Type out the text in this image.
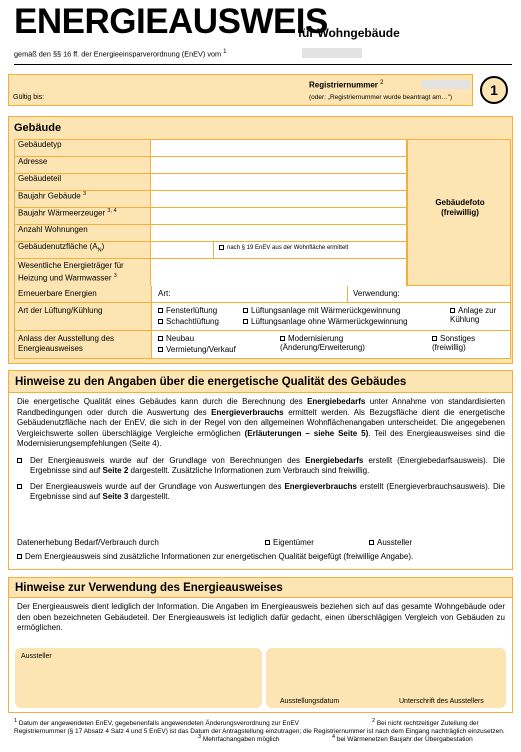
ENERGIEAUSWEIS
für Wohngebäude
gemäß den §§ 16 ff. der Energieeinsparverordnung (EnEV) vom $^1$
Gültig bis:
Registriernummer $^2$
(oder: „Registriernummer wurde beantragt am…")	1
Gebäude
Gebäudetyp	
Adresse	
Gebäudeteil	
Baujahr Gebäude $^3$	
Baujahr Wärmeerzeuger $^{3, 4}$	
Anzahl Wohnungen	
Gebäudenutzfläche $(A_N)$	nach § 19 EnEV aus der Wohnfläche ermittelt

Wesentliche Energieträger für Heizung und Warmwasser $^3$	
Gebäudefoto
(freiwillig)
Erneuerbare Energien	Art:	Verwendung:
Art der Lüftung/Kühlung	Fensterlüftung	Lüftungsanlage mit Wärmerückgewinnung	Anlage zur Kühlung
Schachtlüftung	Lüftungsanlage ohne Wärmerückgewinnung
Anlass der Ausstellung des Energieausweises
Neubau	Modernisierung (Änderung/Erweiterung)
Sonstiges (freiwillig)
Vermietung/Verkauf
Hinweise zu den Angaben über die energetische Qualität des Gebäudes

Die energetische Qualität eines Gebäudes kann durch die Berechnung des Energiebedarfs unter Annahme von standardisierten Randbedingungen oder durch die Auswertung des Energieverbrauchs ermittelt werden. Als Bezugsfläche dient die energetische Gebäudenutzfläche nach der EnEV, die sich in der Regel von den allgemeinen Wohnflächenangaben unterscheidet. Die angegebenen Vergleichswerte sollen überschlägige Vergleiche ermöglichen (Erläuterungen – siehe Seite 5). Teil des Energieausweises sind die Modernisierungsempfehlungen (Seite 4).

Der Energieausweis wurde auf der Grundlage von Berechnungen des Energiebedarfs erstellt (Energiebedarfsausweis). Die Ergebnisse sind auf Seite 2 dargestellt. Zusätzliche Informationen zum Verbrauch sind freiwillig.

Der Energieausweis wurde auf der Grundlage von Auswertungen des Energieverbrauchs erstellt (Energieverbrauchsausweis). Die Ergebnisse sind auf Seite 3 dargestellt.

Datenerhebung Bedarf/Verbrauch durch	Eigentümer	Aussteller
Dem Energieausweis sind zusätzliche Informationen zur energetischen Qualität beigefügt (freiwillige Angabe).
Hinweise zur Verwendung des Energieausweises

Der Energieausweis dient lediglich der Information. Die Angaben im Energieausweis beziehen sich auf das gesamte Wohngebäude oder den oben bezeichneten Gebäudeteil. Der Energieausweis ist lediglich dafür gedacht, einen überschlägigen Vergleich von Gebäuden zu ermöglichen.

Aussteller
Ausstellungsdatum	Unterschrift des Ausstellers
$^1$ Datum der angewendeten EnEV, gegebenenfalls angewendeten Änderungsverordnung zur EnEV	$^2$ Bei nicht rechtzeitiger Zuteilung der Registriernummer (§ 17 Absatz 4 Satz 4 und 5 EnEV) ist das Datum der Antragstellung einzutragen; die Registriernummer ist nach dem Eingang nachträglich einzusetzen.
$^3$ Mehrfachangaben möglich	$^4$ bei Wärmenetzen Baujahr der Übergabestation
